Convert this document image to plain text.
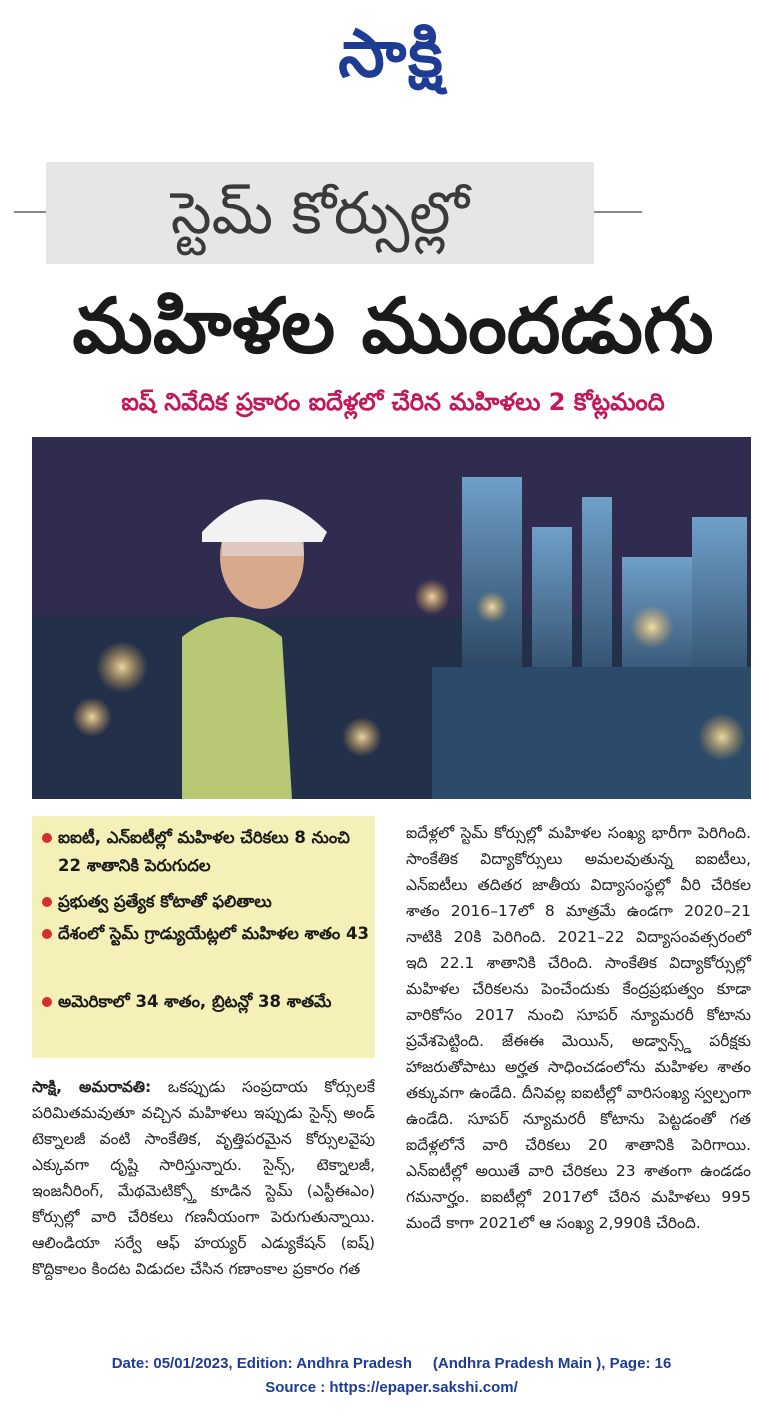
సాక్షి
స్టెమ్ కోర్సుల్లో
మహిళల ముందడుగు
ఐష్ నివేదిక ప్రకారం ఐదేళ్లలో చేరిన మహిళలు 2 కోట్లమంది
ఐఐటీ, ఎన్ఐటీల్లో మహిళల చేరికలు 8 నుంచి 22 శాతానికి పెరుగుదల
ప్రభుత్వ ప్రత్యేక కోటాతో ఫలితాలు
దేశంలో స్టెమ్ గ్రాడ్యుయేట్లలో మహిళల శాతం 43
అమెరికాలో 34 శాతం, బ్రిటన్లో 38 శాతమే

సాక్షి, అమరావతి: ఒకప్పుడు సంప్రదాయ కోర్సులకే పరిమితమవుతూ వచ్చిన మహిళలు ఇప్పుడు సైన్స్ అండ్ టెక్నాలజీ వంటి సాంకేతిక, వృత్తిపరమైన కోర్సులవైపు ఎక్కువగా దృష్టి సారిస్తున్నారు. సైన్స్, టెక్నాలజీ, ఇంజనీరింగ్, మేథమెటిక్స్తో కూడిన స్టెమ్ (ఎస్టీఈఎం) కోర్సుల్లో వారి చేరికలు గణనీయంగా పెరుగుతున్నాయి. ఆలిండియా సర్వే ఆఫ్ హయ్యర్ ఎడ్యుకేషన్ (ఐష్) కొద్దికాలం కిందట విడుదల చేసిన గణాంకాల ప్రకారం గత

ఐదేళ్లలో స్టెమ్ కోర్సుల్లో మహిళల సంఖ్య భారీగా పెరిగింది. సాంకేతిక విద్యాకోర్సులు అమలవుతున్న ఐఐటీలు, ఎన్ఐటీలు తదితర జాతీయ విద్యాసంస్థల్లో వీరి చేరికల శాతం 2016–17లో 8 మాత్రమే ఉండగా 2020–21 నాటికి 20కి పెరిగింది. 2021–22 విద్యాసంవత్సరంలో ఇది 22.1 శాతానికి చేరింది. సాంకేతిక విద్యాకోర్సుల్లో మహిళల చేరికలను పెంచేందుకు కేంద్రప్రభుత్వం కూడా వారికోసం 2017 నుంచి సూపర్ న్యూమరరీ కోటాను ప్రవేశపెట్టింది. జేఈఈ మెయిన్, అడ్వాన్స్డ్ పరీక్షకు హాజరుతోపాటు అర్హత సాధించడంలోను మహిళల శాతం తక్కువగా ఉండేది. దీనివల్ల ఐఐటీల్లో వారిసంఖ్య స్వల్పంగా ఉండేది. సూపర్ న్యూమరరీ కోటాను పెట్టడంతో గత ఐదేళ్లలోనే వారి చేరికలు 20 శాతానికి పెరిగాయి. ఎన్ఐటీల్లో అయితే వారి చేరికలు 23 శాతంగా ఉండడం గమనార్హం. ఐఐటీల్లో 2017లో చేరిన మహిళలు 995 మందే కాగా 2021లో ఆ సంఖ్య 2,990కి చేరింది.

Date: 05/01/2023, Edition: Andhra Pradesh     (Andhra Pradesh Main ), Page: 16
Source : https://epaper.sakshi.com/
